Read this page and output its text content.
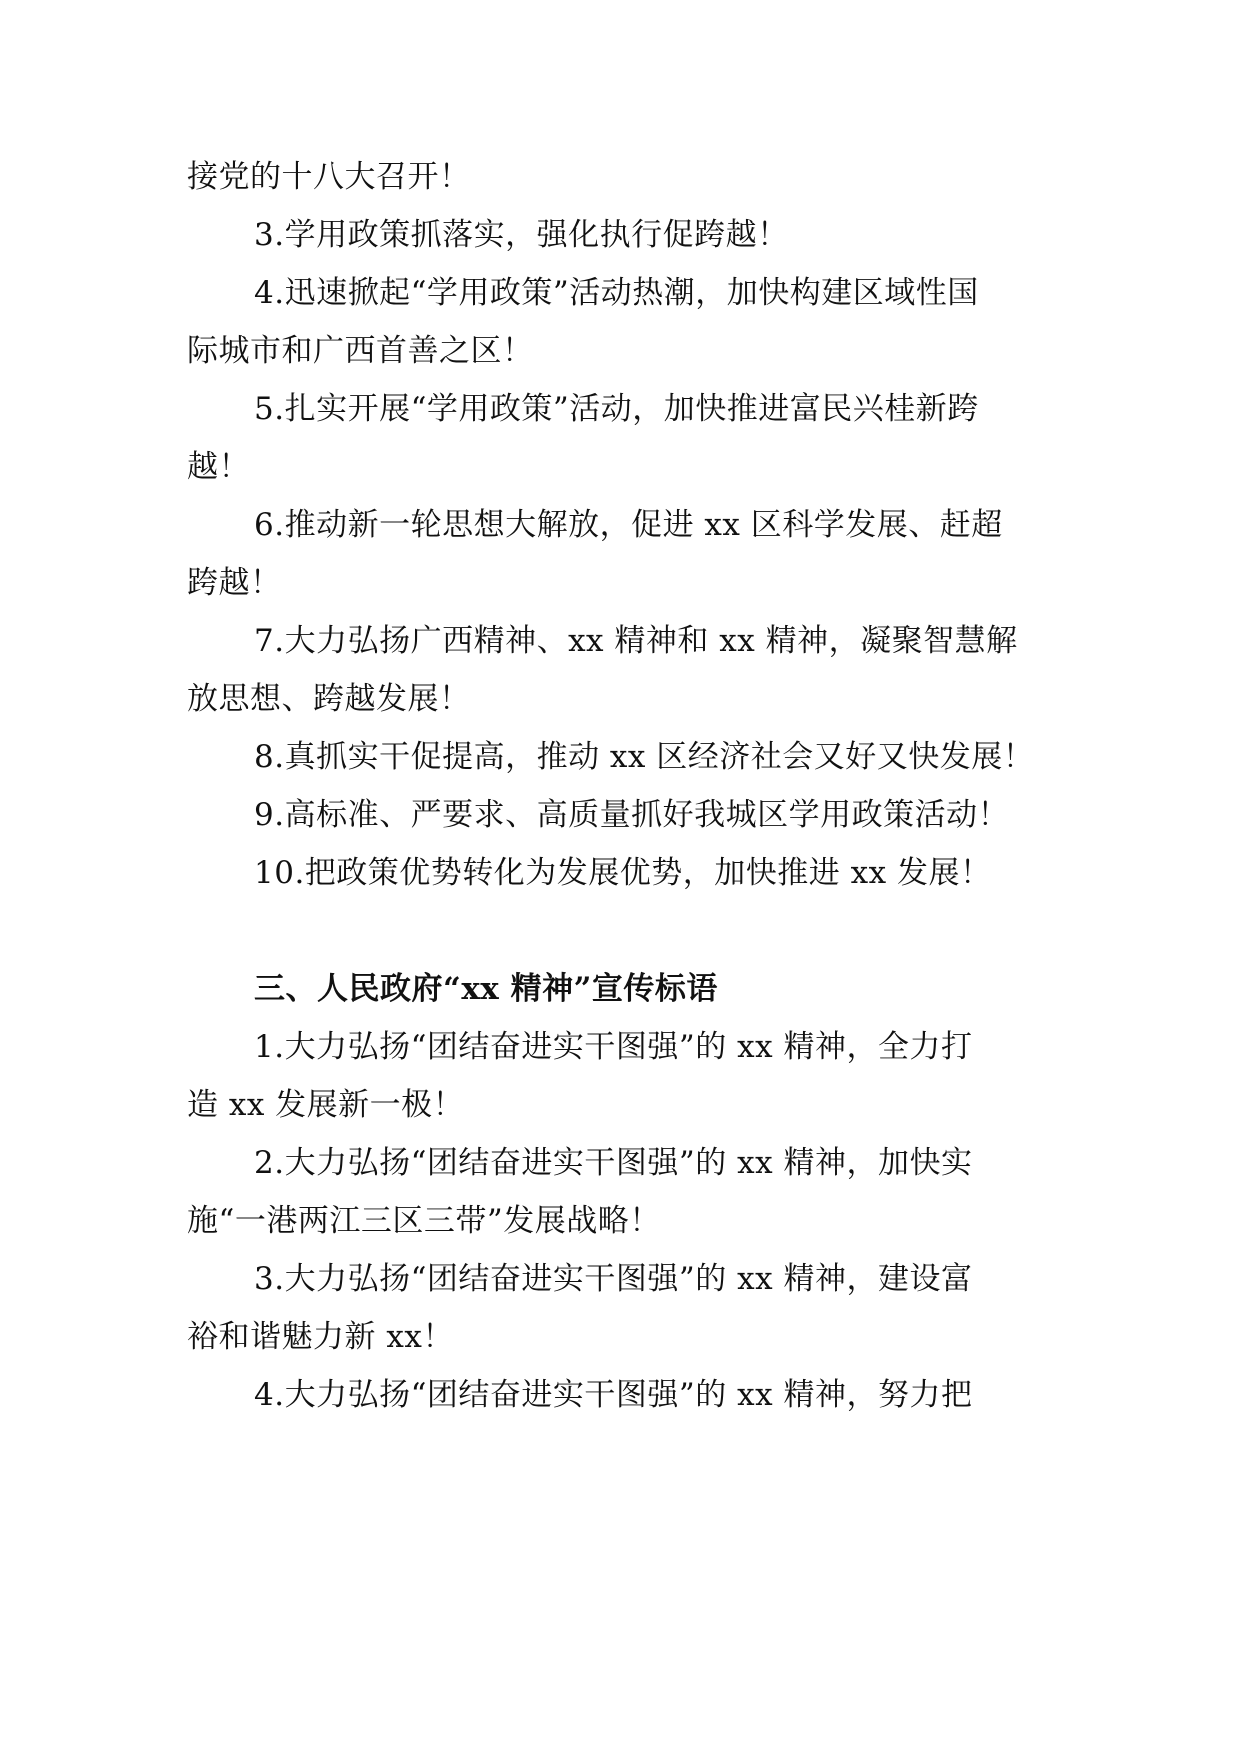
接党的十八大召开！
3.学用政策抓落实，强化执行促跨越！
4.迅速掀起“学用政策”活动热潮，加快构建区域性国
际城市和广西首善之区！
5.扎实开展“学用政策”活动，加快推进富民兴桂新跨
越！
6.推动新一轮思想大解放，促进 xx 区科学发展、赶超
跨越！
7.大力弘扬广西精神、xx 精神和 xx 精神，凝聚智慧解
放思想、跨越发展！
8.真抓实干促提高，推动 xx 区经济社会又好又快发展！
9.高标准、严要求、高质量抓好我城区学用政策活动！
10.把政策优势转化为发展优势，加快推进 xx 发展！
三、人民政府“xx 精神”宣传标语
1.大力弘扬“团结奋进实干图强”的 xx 精神，全力打
造 xx 发展新一极！
2.大力弘扬“团结奋进实干图强”的 xx 精神，加快实
施“一港两江三区三带”发展战略！
3.大力弘扬“团结奋进实干图强”的 xx 精神，建设富
裕和谐魅力新 xx！
4.大力弘扬“团结奋进实干图强”的 xx 精神，努力把
